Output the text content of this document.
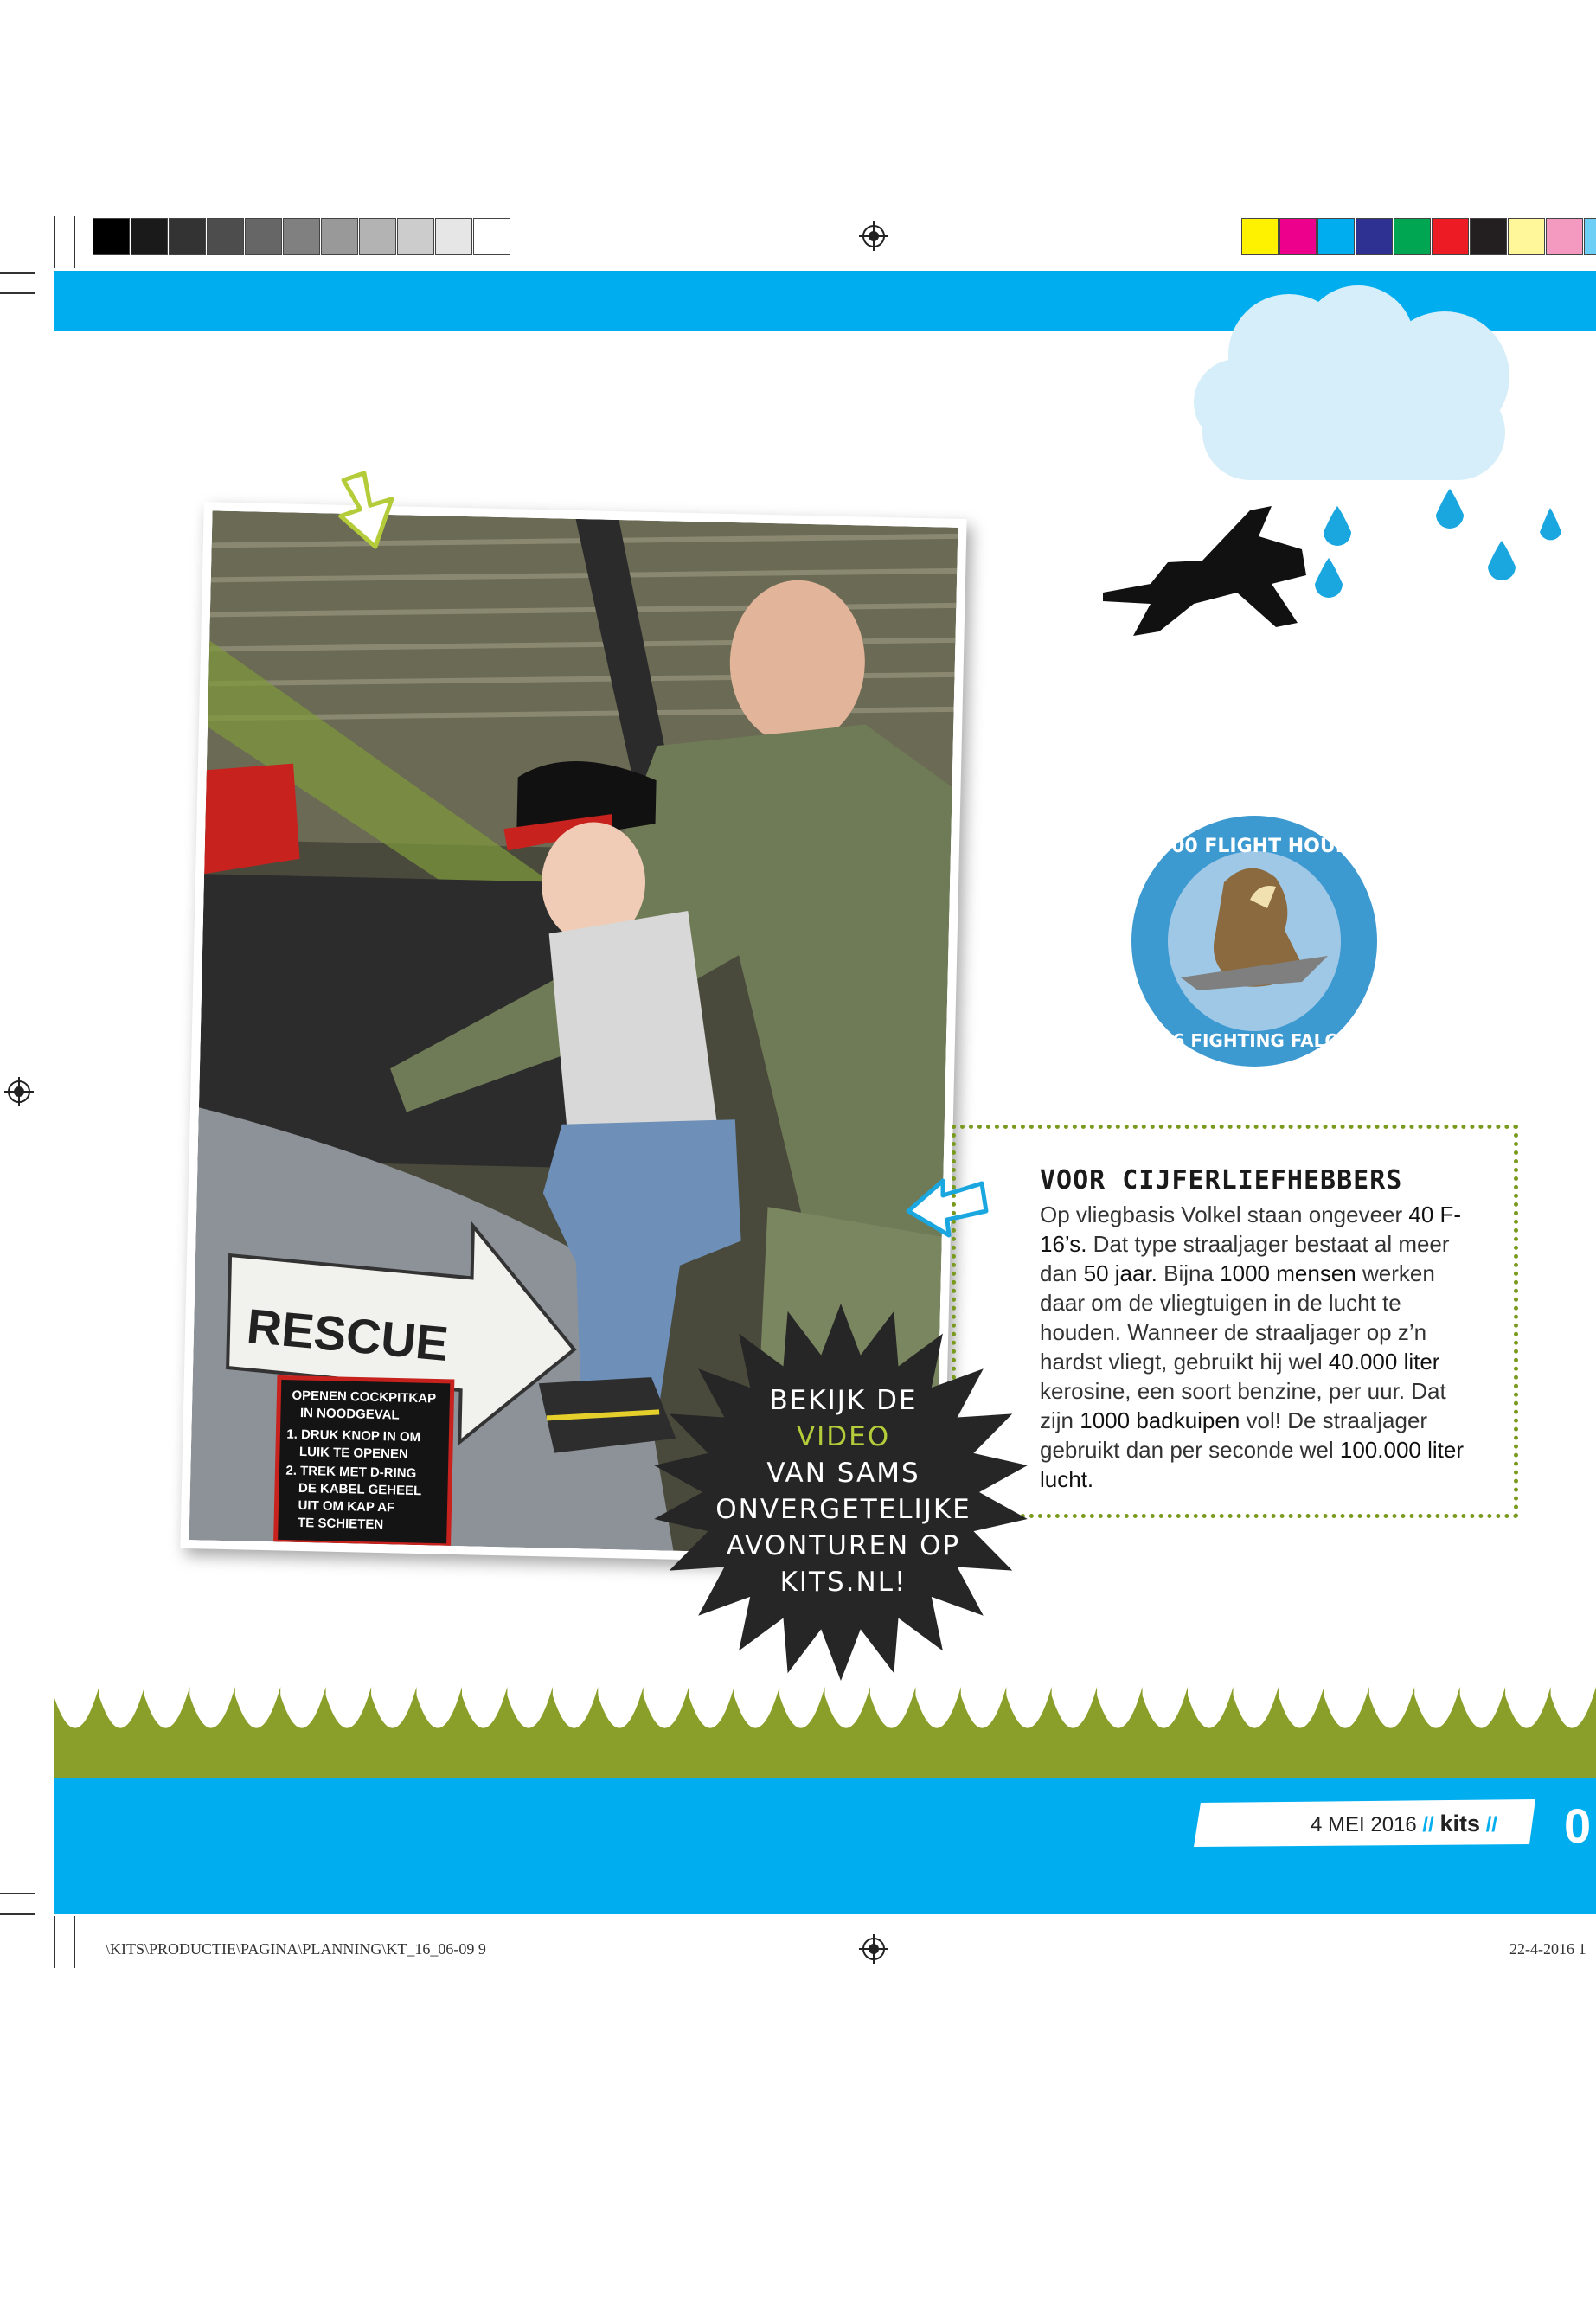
1000 FLIGHT HOURS
F-16 FIGHTING FALCON
RESCUE
OPENEN COCKPITKAP
IN NOODGEVAL
1. DRUK KNOP IN OM
LUIK TE OPENEN
2. TREK MET D-RING
DE KABEL GEHEEL
UIT OM KAP AF
TE SCHIETEN
VOOR CIJFERLIEFHEBBERS
Op vliegbasis Volkel staan ongeveer 40 F-16’s. Dat type straaljager bestaat al meer dan 50 jaar. Bijna 1000 mensen werken daar om de vliegtuigen in de lucht te houden. Wanneer de straaljager op z’n hardst vliegt, gebruikt hij wel 40.000 liter kerosine, een soort benzine, per uur. Dat zijn 1000 badkuipen vol! De straaljager gebruikt dan per seconde wel 100.000 liter lucht.
BEKIJK DE
VIDEO
VAN SAMS
ONVERGETELIJKE
AVONTUREN OP
KITS.NL!
4 MEI 2016 // kits // 0
\KITS\PRODUCTIE\PAGINA\PLANNING\KT_16_06-09 9	22-4-2016 1
